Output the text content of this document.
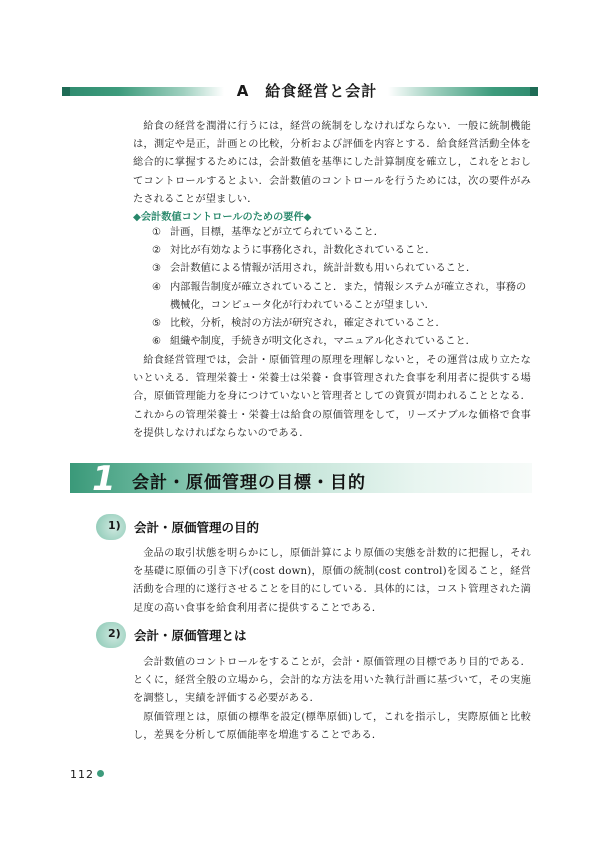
A　給食経営と会計
給食の経営を潤滑に行うには，経営の統制をしなければならない．一般に統制機能は，測定や是正，計画との比較，分析および評価を内容とする．給食経営活動全体を総合的に掌握するためには，会計数値を基準にした計算制度を確立し，これをとおしてコントロールするとよい．会計数値のコントロールを行うためには，次の要件がみたされることが望ましい．
◆会計数値コントロールのための要件◆
① 計画，目標，基準などが立てられていること．
② 対比が有効なように事務化され，計数化されていること．
③ 会計数値による情報が活用され，統計計数も用いられていること．
④ 内部報告制度が確立されていること．また，情報システムが確立され，事務の機械化，コンピュータ化が行われていることが望ましい．
⑤ 比較，分析，検討の方法が研究され，確定されていること．
⑥ 組織や制度，手続きが明文化され，マニュアル化されていること．
給食経営管理では，会計・原価管理の原理を理解しないと，その運営は成り立たないといえる．管理栄養士・栄養士は栄養・食事管理された食事を利用者に提供する場合，原価管理能力を身につけていないと管理者としての資質が問われることとなる．これからの管理栄養士・栄養士は給食の原価管理をして，リーズナブルな価格で食事を提供しなければならないのである．
1 会計・原価管理の目標・目的
1) 会計・原価管理の目的
金品の取引状態を明らかにし，原価計算により原価の実態を計数的に把握し，それを基礎に原価の引き下げ(cost down)，原価の統制(cost control)を図ること，経営活動を合理的に遂行させることを目的にしている．具体的には，コスト管理された満足度の高い食事を給食利用者に提供することである．
2) 会計・原価管理とは
会計数値のコントロールをすることが，会計・原価管理の目標であり目的である．とくに，経営全般の立場から，会計的な方法を用いた執行計画に基づいて，その実施を調整し，実績を評価する必要がある．
原価管理とは，原価の標準を設定(標準原価)して，これを指示し，実際原価と比較し，差異を分析して原価能率を増進することである．
112
